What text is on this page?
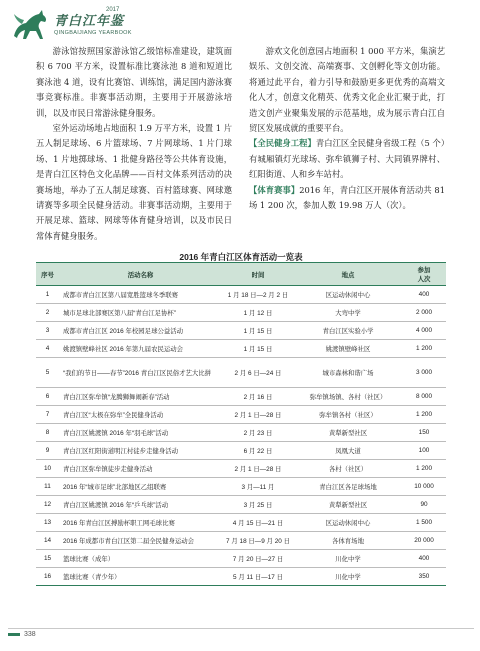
青白江年鉴
2017
QINGBAIJIANG YEARBOOK

游泳馆按照国家游泳馆乙级馆标准建设，建筑面积 6 700 平方米，设置标准比赛泳池 8 道和短道比赛泳池 4 道，设有比赛馆、训练馆，满足国内游泳赛事竞赛标准。非赛事活动期，主要用于开展游泳培训，以及市民日常游泳健身服务。

室外运动场地占地面积 1.9 万平方米，设置 1 片五人制足球场、6 片篮球场、7 片网球场、1 片门球场、1 片地掷球场、1 批健身路径等公共体育设施，是青白江区特色文化品牌——百村文体系列活动的决赛场地，举办了五人制足球赛、百村篮球赛、网球邀请赛等多项全民健身活动。非赛事活动期，主要用于开展足球、篮球、网球等体育健身培训，以及市民日常体育健身服务。

游欢文化创意园占地面积 1 000 平方米，集演艺娱乐、文创交流、高端赛事、文创孵化等文创功能。将通过此平台，着力引导和鼓励更多更优秀的高端文化人才，创意文化精英、优秀文化企业汇聚于此，打造文创产业聚集发展的示范基地，成为展示青白江自贸区发展成就的重要平台。

【全民健身工程】青白江区全民健身省级工程（5 个）有城厢镇灯光球场、弥牟镇狮子村、大同镇界牌村、红阳街道、人和乡车站村。

【体育赛事】2016 年，青白江区开展体育活动共 81 场 1 200 次，参加人数 19.98 万人（次）。

2016 年青白江区体育活动一览表
序号	活动名称	时间	地点	参加
人次
1	成都市青白江区第八届宽胜篮球冬季联赛	1 月 18 日—2 月 2 日	区运动休闲中心	400
2	城市足球北部赛区第八届“青白江足协杯”	1 月 12 日	大弯中学	2 000
3	成都市青白江区 2016 年校园足球公益活动	1 月 15 日	青白江区实验小学	4 000
4	姚渡镇壁峰社区 2016 年第九届农民运动会	1 月 15 日	姚渡镇壁峰社区	1 200
5	“我们的节日——春节”2016 青白江区民俗才艺大比拼	2 月 6 日—24 日	城市森林和谐广场	3 000
6	青白江区弥牟镇“龙腾狮舞闹新春”活动	2 月 16 日	弥牟镇场镇、各村（社区）	8 000
7	青白江区“太极在弥牟”全民健身活动	2 月 1 日—28 日	弥牟镇各村（社区）	1 200
8	青白江区姚渡镇 2016 年“羽毛球”活动	2 月 23 日	黄犁新型社区	150
9	青白江区红阳街道明江村徒步走健身活动	6 月 22 日	凤凰大道	100
10	青白江区弥牟镇徒步走健身活动	2 月 1 日—28 日	各村（社区）	1 200
11	2016 年“城市足球”北部地区乙组联赛	3 月—11 月	青白江区各足球场地	10 000
12	青白江区姚渡镇 2016 年“乒乓球”活动	3 月 25 日	黄犁新型社区	90
13	2016 年青白江区搏励杯职工网毛球比赛	4 月 15 日—21 日	区运动休闲中心	1 500
14	2016 年成都市青白江区第二届全民健身运动会	7 月 18 日—9 月 20 日	各体育场地	20 000
15	篮球比赛（成年）	7 月 20 日—27 日	川化中学	400
16	篮球比赛（青少年）	5 月 11 日—17 日	川化中学	350
338
